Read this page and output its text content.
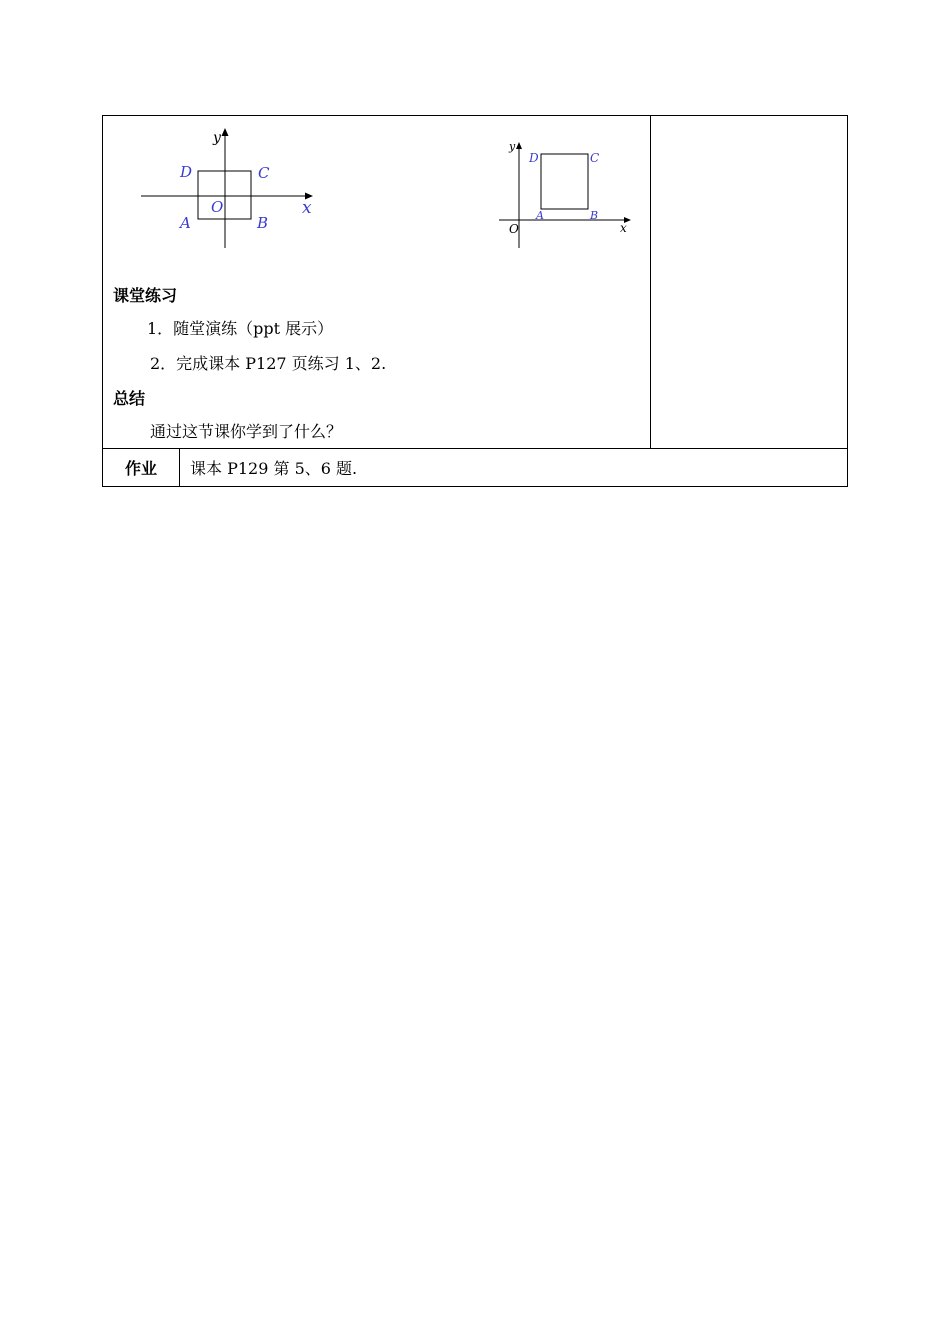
y
x
D	C
O
A	B
y
D	C
A	B
O	x
课堂练习
1．随堂演练（ppt 展示）
2．完成课本 P127 页练习 1、2.
总结
通过这节课你学到了什么？
作业 课本 P129 第 5、6 题.
